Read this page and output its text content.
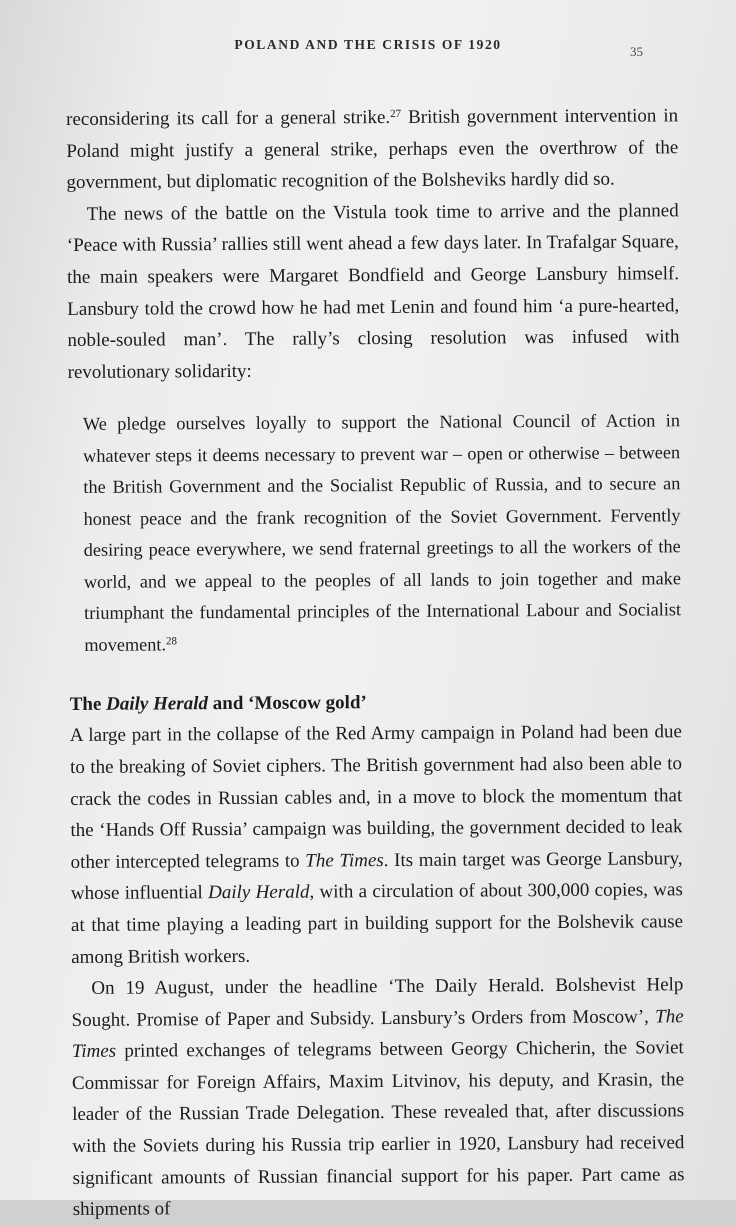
POLAND AND THE CRISIS OF 1920	35

reconsidering its call for a general strike.$^{27}$ British government intervention in Poland might justify a general strike, perhaps even the overthrow of the government, but diplomatic recognition of the Bolsheviks hardly did so.

The news of the battle on the Vistula took time to arrive and the planned ‘Peace with Russia’ rallies still went ahead a few days later. In Trafalgar Square, the main speakers were Margaret Bondfield and George Lansbury himself. Lansbury told the crowd how he had met Lenin and found him ‘a pure-hearted, noble-souled man’. The rally’s closing resolution was infused with revolutionary solidarity:

We pledge ourselves loyally to support the National Council of Action in whatever steps it deems necessary to prevent war – open or otherwise – between the British Government and the Socialist Republic of Russia, and to secure an honest peace and the frank recognition of the Soviet Government. Fervently desiring peace everywhere, we send fraternal greetings to all the workers of the world, and we appeal to the peoples of all lands to join together and make triumphant the fundamental principles of the International Labour and Socialist movement.$^{28}$

The Daily Herald and ‘Moscow gold’

A large part in the collapse of the Red Army campaign in Poland had been due to the breaking of Soviet ciphers. The British government had also been able to crack the codes in Russian cables and, in a move to block the momentum that the ‘Hands Off Russia’ campaign was building, the government decided to leak other intercepted telegrams to The Times. Its main target was George Lansbury, whose influential Daily Herald, with a circulation of about 300,000 copies, was at that time playing a leading part in building support for the Bolshevik cause among British workers.

On 19 August, under the headline ‘The Daily Herald. Bolshevist Help Sought. Promise of Paper and Subsidy. Lansbury’s Orders from Moscow’, The Times printed exchanges of telegrams between Georgy Chicherin, the Soviet Commissar for Foreign Affairs, Maxim Litvinov, his deputy, and Krasin, the leader of the Russian Trade Delegation. These revealed that, after discussions with the Soviets during his Russia trip earlier in 1920, Lansbury had received significant amounts of Russian financial support for his paper. Part came as shipments of
